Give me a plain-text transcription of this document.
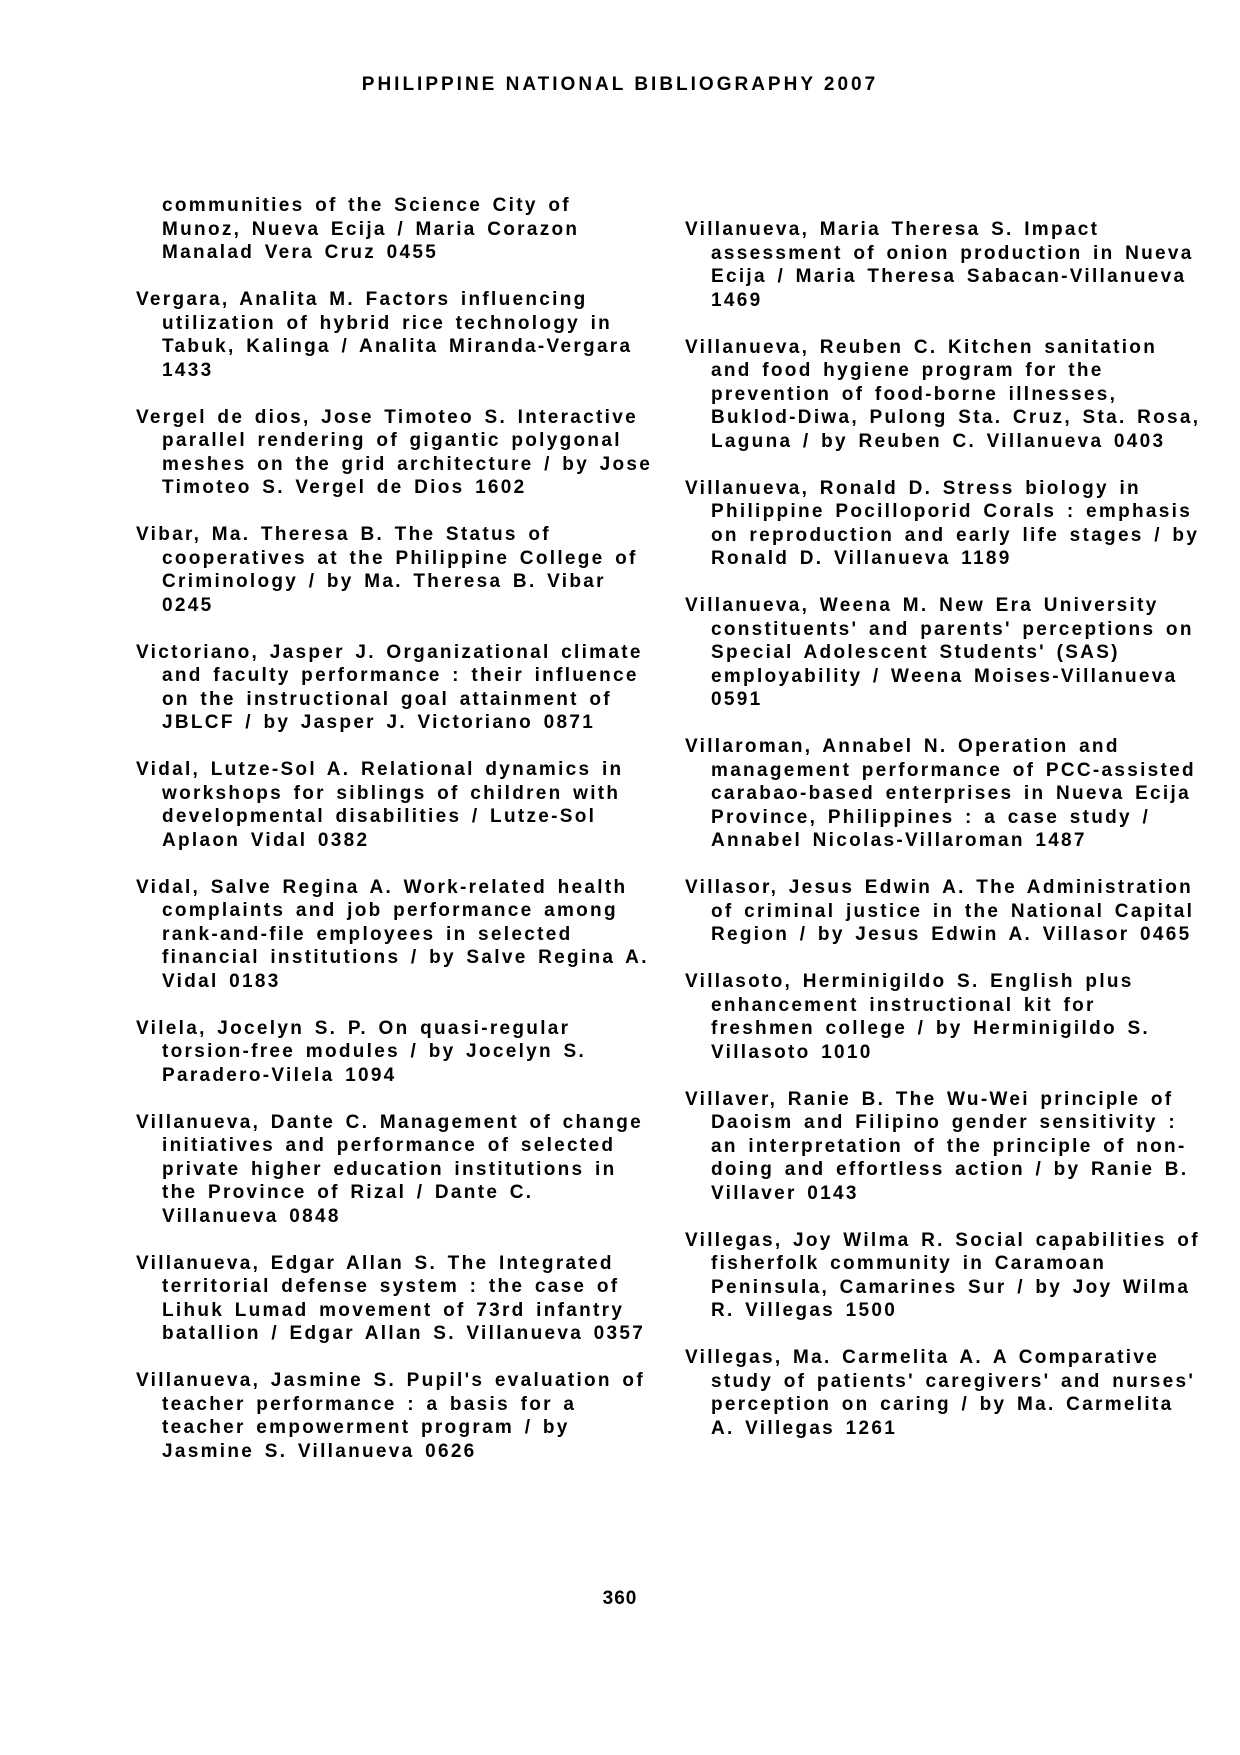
PHILIPPINE NATIONAL BIBLIOGRAPHY 2007

communities of the Science City of Munoz, Nueva Ecija / Maria Corazon Manalad Vera Cruz 0455

Vergara, Analita M. Factors influencing utilization of hybrid rice technology in Tabuk, Kalinga / Analita Miranda-Vergara 1433

Vergel de dios, Jose Timoteo S. Interactive parallel rendering of gigantic polygonal meshes on the grid architecture / by Jose Timoteo S. Vergel de Dios 1602

Vibar, Ma. Theresa B. The Status of cooperatives at the Philippine College of Criminology / by Ma. Theresa B. Vibar 0245

Victoriano, Jasper J. Organizational climate and faculty performance : their influence on the instructional goal attainment of JBLCF / by Jasper J. Victoriano 0871

Vidal, Lutze-Sol A. Relational dynamics in workshops for siblings of children with developmental disabilities / Lutze-Sol Aplaon Vidal 0382

Vidal, Salve Regina A. Work-related health complaints and job performance among rank-and-file employees in selected financial institutions / by Salve Regina A. Vidal 0183

Vilela, Jocelyn S. P. On quasi-regular torsion-free modules / by Jocelyn S. Paradero-Vilela 1094

Villanueva, Dante C. Management of change initiatives and performance of selected private higher education institutions in the Province of Rizal / Dante C. Villanueva 0848

Villanueva, Edgar Allan S. The Integrated territorial defense system : the case of Lihuk Lumad movement of 73rd infantry batallion / Edgar Allan S. Villanueva 0357

Villanueva, Jasmine S. Pupil's evaluation of teacher performance : a basis for a teacher empowerment program / by Jasmine S. Villanueva 0626

Villanueva, Maria Theresa S. Impact assessment of onion production in Nueva Ecija / Maria Theresa Sabacan-Villanueva 1469

Villanueva, Reuben C. Kitchen sanitation and food hygiene program for the prevention of food-borne illnesses, Buklod-Diwa, Pulong Sta. Cruz, Sta. Rosa, Laguna / by Reuben C. Villanueva 0403

Villanueva, Ronald D. Stress biology in Philippine Pocilloporid Corals : emphasis on reproduction and early life stages / by Ronald D. Villanueva 1189

Villanueva, Weena M. New Era University constituents' and parents' perceptions on Special Adolescent Students' (SAS) employability / Weena Moises-Villanueva 0591

Villaroman, Annabel N. Operation and management performance of PCC-assisted carabao-based enterprises in Nueva Ecija Province, Philippines : a case study / Annabel Nicolas-Villaroman 1487

Villasor, Jesus Edwin A. The Administration of criminal justice in the National Capital Region / by Jesus Edwin A. Villasor 0465

Villasoto, Herminigildo S. English plus enhancement instructional kit for freshmen college / by Herminigildo S. Villasoto 1010

Villaver, Ranie B. The Wu-Wei principle of Daoism and Filipino gender sensitivity : an interpretation of the principle of non-doing and effortless action / by Ranie B. Villaver 0143

Villegas, Joy Wilma R. Social capabilities of fisherfolk community in Caramoan Peninsula, Camarines Sur / by Joy Wilma R. Villegas 1500

Villegas, Ma. Carmelita A. A Comparative study of patients' caregivers' and nurses' perception on caring / by Ma. Carmelita A. Villegas 1261

360
